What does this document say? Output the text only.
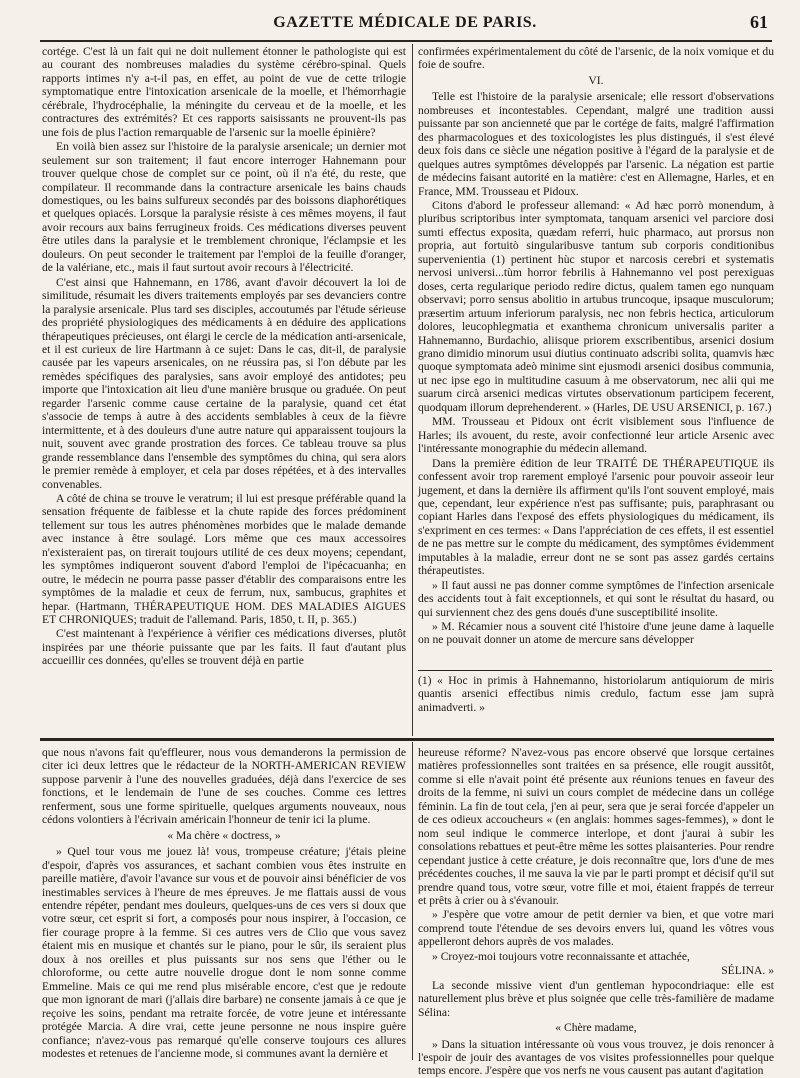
GAZETTE MÉDICALE DE PARIS.	61

cortége. C'est là un fait qui ne doit nullement étonner le pathologiste qui est au courant des nombreuses maladies du système cérébro-spinal. Quels rapports intimes n'y a-t-il pas, en effet, au point de vue de cette trilogie symptomatique entre l'intoxication arsenicale de la moelle, et l'hémorrhagie cérébrale, l'hydrocéphalie, la méningite du cerveau et de la moelle, et les contractures des extrémités? Et ces rapports saisissants ne prouvent-ils pas une fois de plus l'action remarquable de l'arsenic sur la moelle épinière?

En voilà bien assez sur l'histoire de la paralysie arsenicale; un dernier mot seulement sur son traitement; il faut encore interroger Hahnemann pour trouver quelque chose de complet sur ce point, où il n'a été, du reste, que compilateur. Il recommande dans la contracture arsenicale les bains chauds domestiques, ou les bains sulfureux secondés par des boissons diaphorétiques et quelques opiacés. Lorsque la paralysie résiste à ces mêmes moyens, il faut avoir recours aux bains ferrugineux froids. Ces médications diverses peuvent être utiles dans la paralysie et le tremblement chronique, l'éclampsie et les douleurs. On peut seconder le traitement par l'emploi de la feuille d'oranger, de la valériane, etc., mais il faut surtout avoir recours à l'électricité.

C'est ainsi que Hahnemann, en 1786, avant d'avoir découvert la loi de similitude, résumait les divers traitements employés par ses devanciers contre la paralysie arsenicale. Plus tard ses disciples, accoutumés par l'étude sérieuse des propriété physiologiques des médicaments à en déduire des applications thérapeutiques précieuses, ont élargi le cercle de la médication anti-arsenicale, et il est curieux de lire Hartmann à ce sujet: Dans le cas, dit-il, de paralysie causée par les vapeurs arsenicales, on ne réussira pas, si l'on débute par les remèdes spécifiques des paralysies, sans avoir employé des antidotes; peu importe que l'intoxication ait lieu d'une manière brusque ou graduée. On peut regarder l'arsenic comme cause certaine de la paralysie, quand cet état s'associe de temps à autre à des accidents semblables à ceux de la fièvre intermittente, et à des douleurs d'une autre nature qui apparaissent toujours la nuit, souvent avec grande prostration des forces. Ce tableau trouve sa plus grande ressemblance dans l'ensemble des symptômes du china, qui sera alors le premier remède à employer, et cela par doses répétées, et à des intervalles convenables.

A côté de china se trouve le veratrum; il lui est presque préférable quand la sensation fréquente de faiblesse et la chute rapide des forces prédominent tellement sur tous les autres phénomènes morbides que le malade demande avec instance à être soulagé. Lors même que ces maux accessoires n'existeraient pas, on tirerait toujours utilité de ces deux moyens; cependant, les symptômes indiqueront souvent d'abord l'emploi de l'ipécacuanha; en outre, le médecin ne pourra passe passer d'établir des comparaisons entre les symptômes de la maladie et ceux de ferrum, nux, sambucus, graphites et hepar. (Hartmann, THÉRAPEUTIQUE HOM. DES MALADIES AIGUES ET CHRONIQUES; traduit de l'allemand. Paris, 1850, t. II, p. 365.)

C'est maintenant à l'expérience à vérifier ces médications diverses, plutôt inspirées par une théorie puissante que par les faits. Il faut d'autant plus accueillir ces données, qu'elles se trouvent déjà en partie

confirmées expérimentalement du côté de l'arsenic, de la noix vomique et du foie de soufre.

VI.

Telle est l'histoire de la paralysie arsenicale; elle ressort d'observations nombreuses et incontestables. Cependant, malgré une tradition aussi puissante par son ancienneté que par le cortége de faits, malgré l'affirmation des pharmacologues et des toxicologistes les plus distingués, il s'est élevé deux fois dans ce siècle une négation positive à l'égard de la paralysie et de quelques autres symptômes développés par l'arsenic. La négation est partie de médecins faisant autorité en la matière: c'est en Allemagne, Harles, et en France, MM. Trousseau et Pidoux.

Citons d'abord le professeur allemand: « Ad hæc porrò monendum, à pluribus scriptoribus inter symptomata, tanquam arsenici vel parciore dosi sumti effectus exposita, quædam referri, huic pharmaco, aut prorsus non propria, aut fortuitò singularibusve tantum sub corporis conditionibus supervenientia (1) pertinent hùc stupor et narcosis cerebri et systematis nervosi universi...tùm horror febrilis à Hahnemanno vel post perexiguas doses, certa regularique periodo redire dictus, qualem tamen ego nunquam observavi; porro sensus abolitio in artubus truncoque, ipsaque musculorum; præsertim artuum inferiorum paralysis, nec non febris hectica, articulorum dolores, leucophlegmatia et exanthema chronicum universalis pariter a Hahnemanno, Burdachio, aliisque priorem exscribentibus, arsenici dosium grano dimidio minorum usui diutius continuato adscribi solita, quamvis hæc quoque symptomata adeò minime sint ejusmodi arsenici dosibus communia, ut nec ipse ego in multitudine casuum à me observatorum, nec alii qui me suarum circà arsenici medicas virtutes observationum participem fecerent, quodquam illorum deprehenderent. » (Harles, DE USU ARSENICI, p. 167.)

MM. Trousseau et Pidoux ont écrit visiblement sous l'influence de Harles; ils avouent, du reste, avoir confectionné leur article Arsenic avec l'intéressante monographie du médecin allemand.

Dans la première édition de leur TRAITÉ DE THÉRAPEUTIQUE ils confessent avoir trop rarement employé l'arsenic pour pouvoir asseoir leur jugement, et dans la dernière ils affirment qu'ils l'ont souvent employé, mais que, cependant, leur expérience n'est pas suffisante; puis, paraphrasant ou copiant Harles dans l'exposé des effets physiologiques du médicament, ils s'expriment en ces termes: « Dans l'appréciation de ces effets, il est essentiel de ne pas mettre sur le compte du médicament, des symptômes évidemment imputables à la maladie, erreur dont ne se sont pas assez gardés certains thérapeutistes.

» Il faut aussi ne pas donner comme symptômes de l'infection arsenicale des accidents tout à fait exceptionnels, et qui sont le résultat du hasard, ou qui surviennent chez des gens doués d'une susceptibilité insolite.

» M. Récamier nous a souvent cité l'histoire d'une jeune dame à laquelle on ne pouvait donner un atome de mercure sans développer

(1) « Hoc in primis à Hahnemanno, historiolarum antiquiorum de miris quantis arsenici effectibus nimis credulo, factum esse jam suprà animadverti. »

que nous n'avons fait qu'effleurer, nous vous demanderons la permission de citer ici deux lettres que le rédacteur de la NORTH-AMERICAN REVIEW suppose parvenir à l'une des nouvelles graduées, déjà dans l'exercice de ses fonctions, et le lendemain de l'une de ses couches. Comme ces lettres renferment, sous une forme spirituelle, quelques arguments nouveaux, nous cédons volontiers à l'écrivain américain l'honneur de tenir ici la plume.

« Ma chère « doctress, »

» Quel tour vous me jouez là! vous, trompeuse créature; j'étais pleine d'espoir, d'après vos assurances, et sachant combien vous êtes instruite en pareille matière, d'avoir l'avance sur vous et de pouvoir ainsi bénéficier de vos inestimables services à l'heure de mes épreuves. Je me flattais aussi de vous entendre répéter, pendant mes douleurs, quelques-uns de ces vers si doux que votre sœur, cet esprit si fort, a composés pour nous inspirer, à l'occasion, ce fier courage propre à la femme. Si ces autres vers de Clio que vous savez étaient mis en musique et chantés sur le piano, pour le sûr, ils seraient plus doux à nos oreilles et plus puissants sur nos sens que l'éther ou le chloroforme, ou cette autre nouvelle drogue dont le nom sonne comme Emmeline. Mais ce qui me rend plus misérable encore, c'est que je redoute que mon ignorant de mari (j'allais dire barbare) ne consente jamais à ce que je reçoive les soins, pendant ma retraite forcée, de votre jeune et intéressante protégée Marcia. A dire vrai, cette jeune personne ne nous inspire guère confiance; n'avez-vous pas remarqué qu'elle conserve toujours ces allures modestes et retenues de l'ancienne mode, si communes avant la dernière et

heureuse réforme? N'avez-vous pas encore observé que lorsque certaines matières professionnelles sont traitées en sa présence, elle rougit aussitôt, comme si elle n'avait point été présente aux réunions tenues en faveur des droits de la femme, ni suivi un cours complet de médecine dans un collége féminin. La fin de tout cela, j'en ai peur, sera que je serai forcée d'appeler un de ces odieux accoucheurs « (en anglais: hommes sages-femmes), » dont le nom seul indique le commerce interlope, et dont j'aurai à subir les consolations rebattues et peut-être même les sottes plaisanteries. Pour rendre cependant justice à cette créature, je dois reconnaître que, lors d'une de mes précédentes couches, il me sauva la vie par le parti prompt et décisif qu'il sut prendre quand tous, votre sœur, votre fille et moi, étaient frappés de terreur et prêts à crier ou à s'évanouir.

» J'espère que votre amour de petit dernier va bien, et que votre mari comprend toute l'étendue de ses devoirs envers lui, quand les vôtres vous appelleront dehors auprès de vos malades.

» Croyez-moi toujours votre reconnaissante et attachée,

SÉLINA. »

La seconde missive vient d'un gentleman hypocondriaque: elle est naturellement plus brève et plus soignée que celle très-familière de madame Sélina:

« Chère madame,

» Dans la situation intéressante où vous vous trouvez, je dois renoncer à l'espoir de jouir des avantages de vos visites professionnelles pour quelque temps encore. J'espère que vos nerfs ne vous causent pas autant d'agitation
